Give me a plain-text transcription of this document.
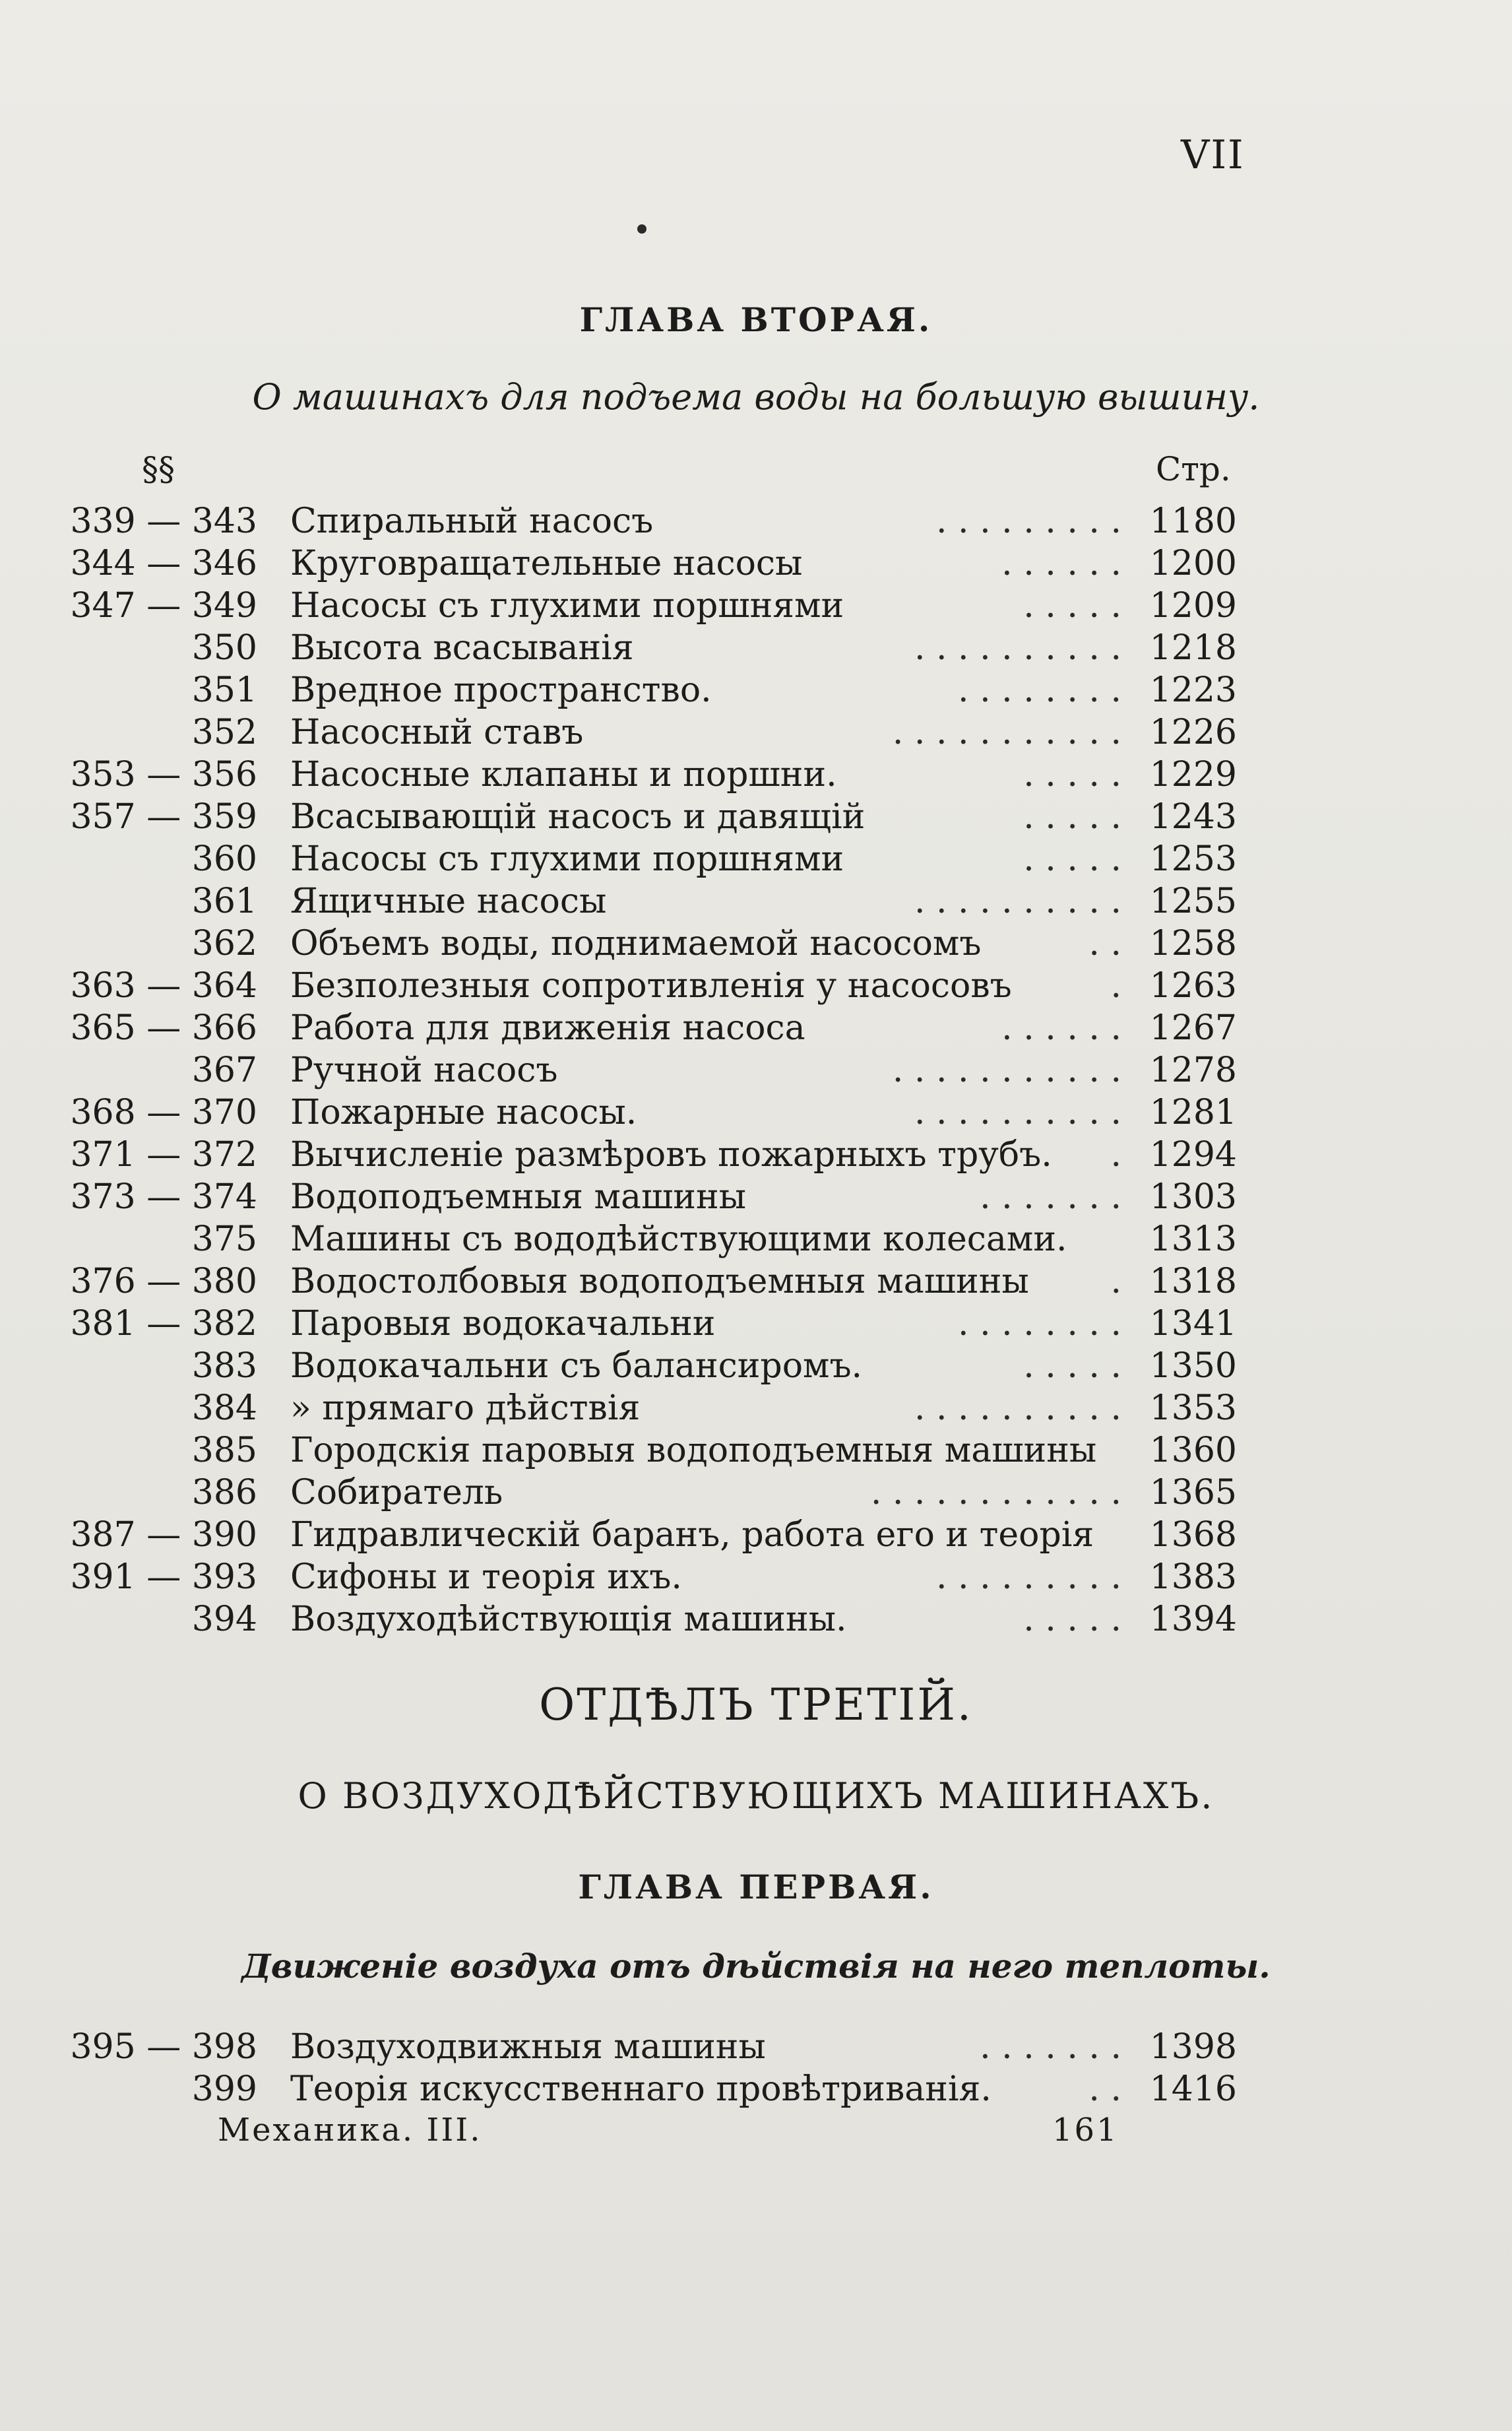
VII
ГЛАВА ВТОРАЯ.
О машинахъ для подъема воды на большую вышину.
§§	Стр.
339 — 343 Спиральный насосъ	. . . . . . . . . 1180
344 — 346 Круговращательные насосы	. . . . . . 1200
347 — 349 Насосы съ глухими поршнями	. . . . . 1209
350 Высота всасыванія	. . . . . . . . . . 1218
351 Вредное пространство.	. . . . . . . . 1223
352 Насосный ставъ	. . . . . . . . . . . 1226
353 — 356 Насосные клапаны и поршни.	. . . . . 1229
357 — 359 Всасывающій насосъ и давящій	. . . . . 1243
360 Насосы съ глухими поршнями	. . . . . 1253
361 Ящичные насосы	. . . . . . . . . . 1255
362 Объемъ воды, поднимаемой насосомъ	. . 1258
363 — 364 Безполезныя сопротивленія у насосовъ	. 1263
365 — 366 Работа для движенія насоса	. . . . . . 1267
367 Ручной насосъ	. . . . . . . . . . . 1278
368 — 370 Пожарные насосы.	. . . . . . . . . . 1281
371 — 372 Вычисленіе размѣровъ пожарныхъ трубъ. . 1294
373 — 374 Водоподъемныя машины	. . . . . . . 1303
375 Машины съ вододѣйствующими колесами. 1313
376 — 380 Водостолбовыя водоподъемныя машины . 1318
381 — 382 Паровыя водокачальни	. . . . . . . . 1341
383 Водокачальни съ балансиромъ.	. . . . . 1350
384 » прямаго дѣйствія	. . . . . . . . . . 1353
385 Городскія паровыя водоподъемныя машины 1360
386 Собиратель	. . . . . . . . . . . . 1365
387 — 390 Гидравлическій баранъ, работа его и теорія 1368
391 — 393 Сифоны и теорія ихъ.	. . . . . . . . . 1383
394 Воздуходѣйствующія машины.	. . . . . 1394
ОТДѢЛЪ ТРЕТІЙ.
О ВОЗДУХОДѢЙСТВУЮЩИХЪ МАШИНАХЪ.
ГЛАВА ПЕРВАЯ.
Движеніе воздуха отъ дѣйствія на него теплоты.
395 — 398 Воздуходвижныя машины	. . . . . . . 1398
399 Теорія искусственнаго провѣтриванія.	. . 1416
Механика. III.	161
